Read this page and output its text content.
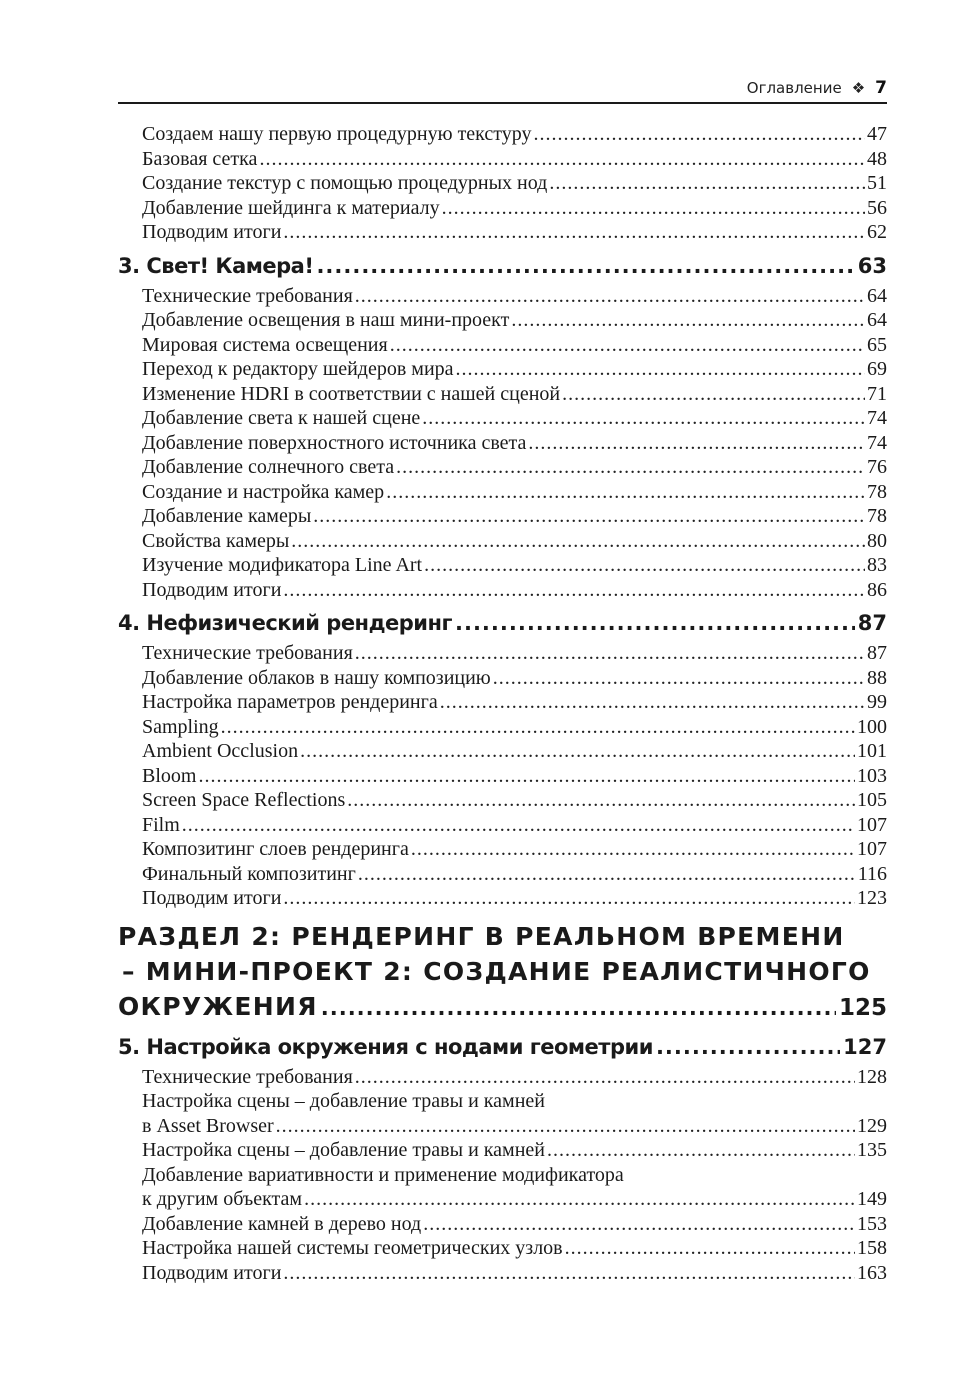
Оглавление ❖ 7
Создаем нашу первую процедурную текстуру .....	47
Базовая сетка .....	48
Создание текстур с помощью процедурных нод .....	51
Добавление шейдинга к материалу .....	56
Подводим итоги .....	62
3. Свет! Камера! .....	63
Технические требования .....	64
Добавление освещения в наш мини-проект .....	64
Мировая система освещения .....	65
Переход к редактору шейдеров мира .....	69
Изменение HDRI в соответствии с нашей сценой .....	71
Добавление света к нашей сцене .....	74
Добавление поверхностного источника света .....	74
Добавление солнечного света .....	76
Создание и настройка камер .....	78
Добавление камеры .....	78
Свойства камеры .....	80
Изучение модификатора Line Art .....	83
Подводим итоги .....	86
4. Нефизический рендеринг .....	87
Технические требования .....	87
Добавление облаков в нашу композицию .....	88
Настройка параметров рендеринга .....	99
Sampling .....	100
Ambient Occlusion .....	101
Bloom .....	103
Screen Space Reflections .....	105
Film .....	107
Композитинг слоев рендеринга .....	107
Финальный композитинг .....	116
Подводим итоги .....	123
РАЗДЕЛ 2: РЕНДЕРИНГ В РЕАЛЬНОМ ВРЕМЕНИ
– МИНИ-ПРОЕКТ 2: СОЗДАНИЕ РЕАЛИСТИЧНОГО
ОКРУЖЕНИЯ .....	125
5. Настройка окружения с нодами геометрии .....	127
Технические требования .....	128
Настройка сцены – добавление травы и камней
в Asset Browser .....	129
Настройка сцены – добавление травы и камней .....	135
Добавление вариативности и применение модификатора
к другим объектам .....	149
Добавление камней в дерево нод .....	153
Настройка нашей системы геометрических узлов .....	158
Подводим итоги .....	163
